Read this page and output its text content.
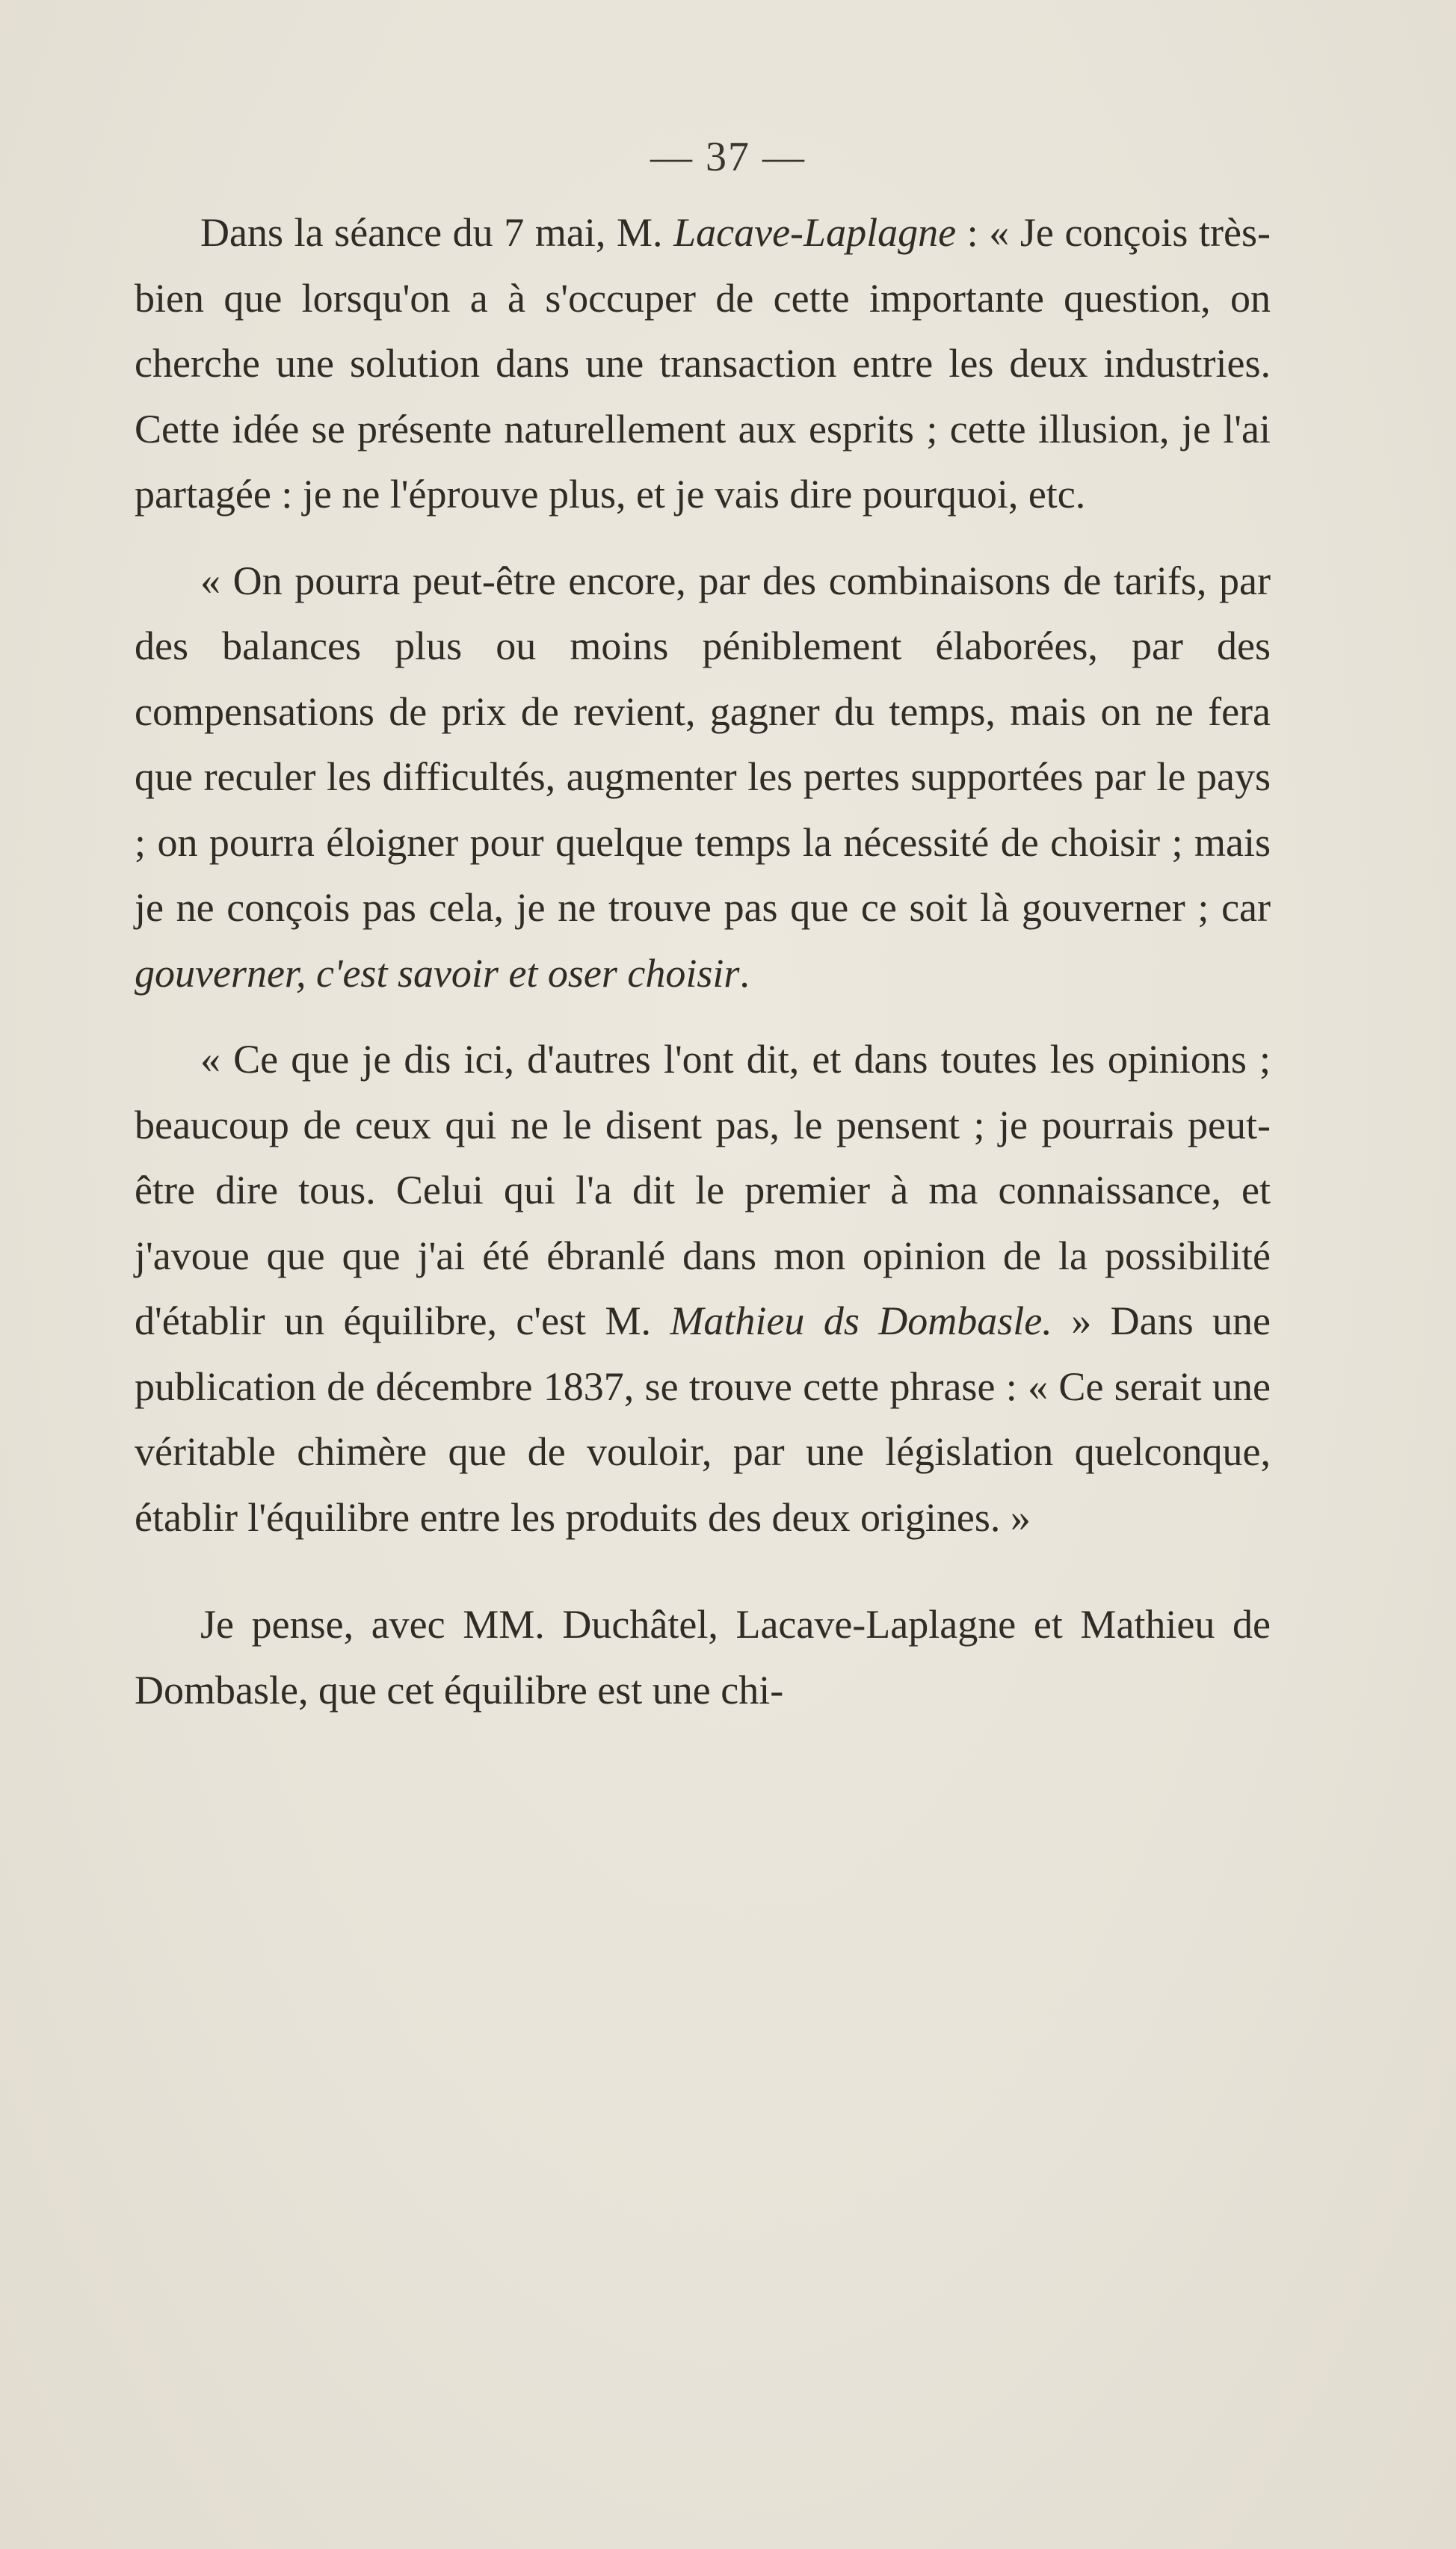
— 37 —

Dans la séance du 7 mai, M. Lacave-Laplagne : « Je conçois très-bien que lorsqu'on a à s'occuper de cette importante question, on cherche une solution dans une transaction entre les deux industries. Cette idée se présente naturellement aux esprits ; cette illusion, je l'ai partagée : je ne l'éprouve plus, et je vais dire pourquoi, etc.

« On pourra peut-être encore, par des combinaisons de tarifs, par des balances plus ou moins péniblement élaborées, par des compensations de prix de revient, gagner du temps, mais on ne fera que reculer les difficultés, augmenter les pertes supportées par le pays ; on pourra éloigner pour quelque temps la nécessité de choisir ; mais je ne conçois pas cela, je ne trouve pas que ce soit là gouverner ; car gouverner, c'est savoir et oser choisir.

« Ce que je dis ici, d'autres l'ont dit, et dans toutes les opinions ; beaucoup de ceux qui ne le disent pas, le pensent ; je pourrais peut-être dire tous. Celui qui l'a dit le premier à ma connaissance, et j'avoue que que j'ai été ébranlé dans mon opinion de la possibilité d'établir un équilibre, c'est M. Mathieu ds Dombasle. » Dans une publication de décembre 1837, se trouve cette phrase : « Ce serait une véritable chimère que de vouloir, par une législation quelconque, établir l'équilibre entre les produits des deux origines. »

Je pense, avec MM. Duchâtel, Lacave-Laplagne et Mathieu de Dombasle, que cet équilibre est une chi-
